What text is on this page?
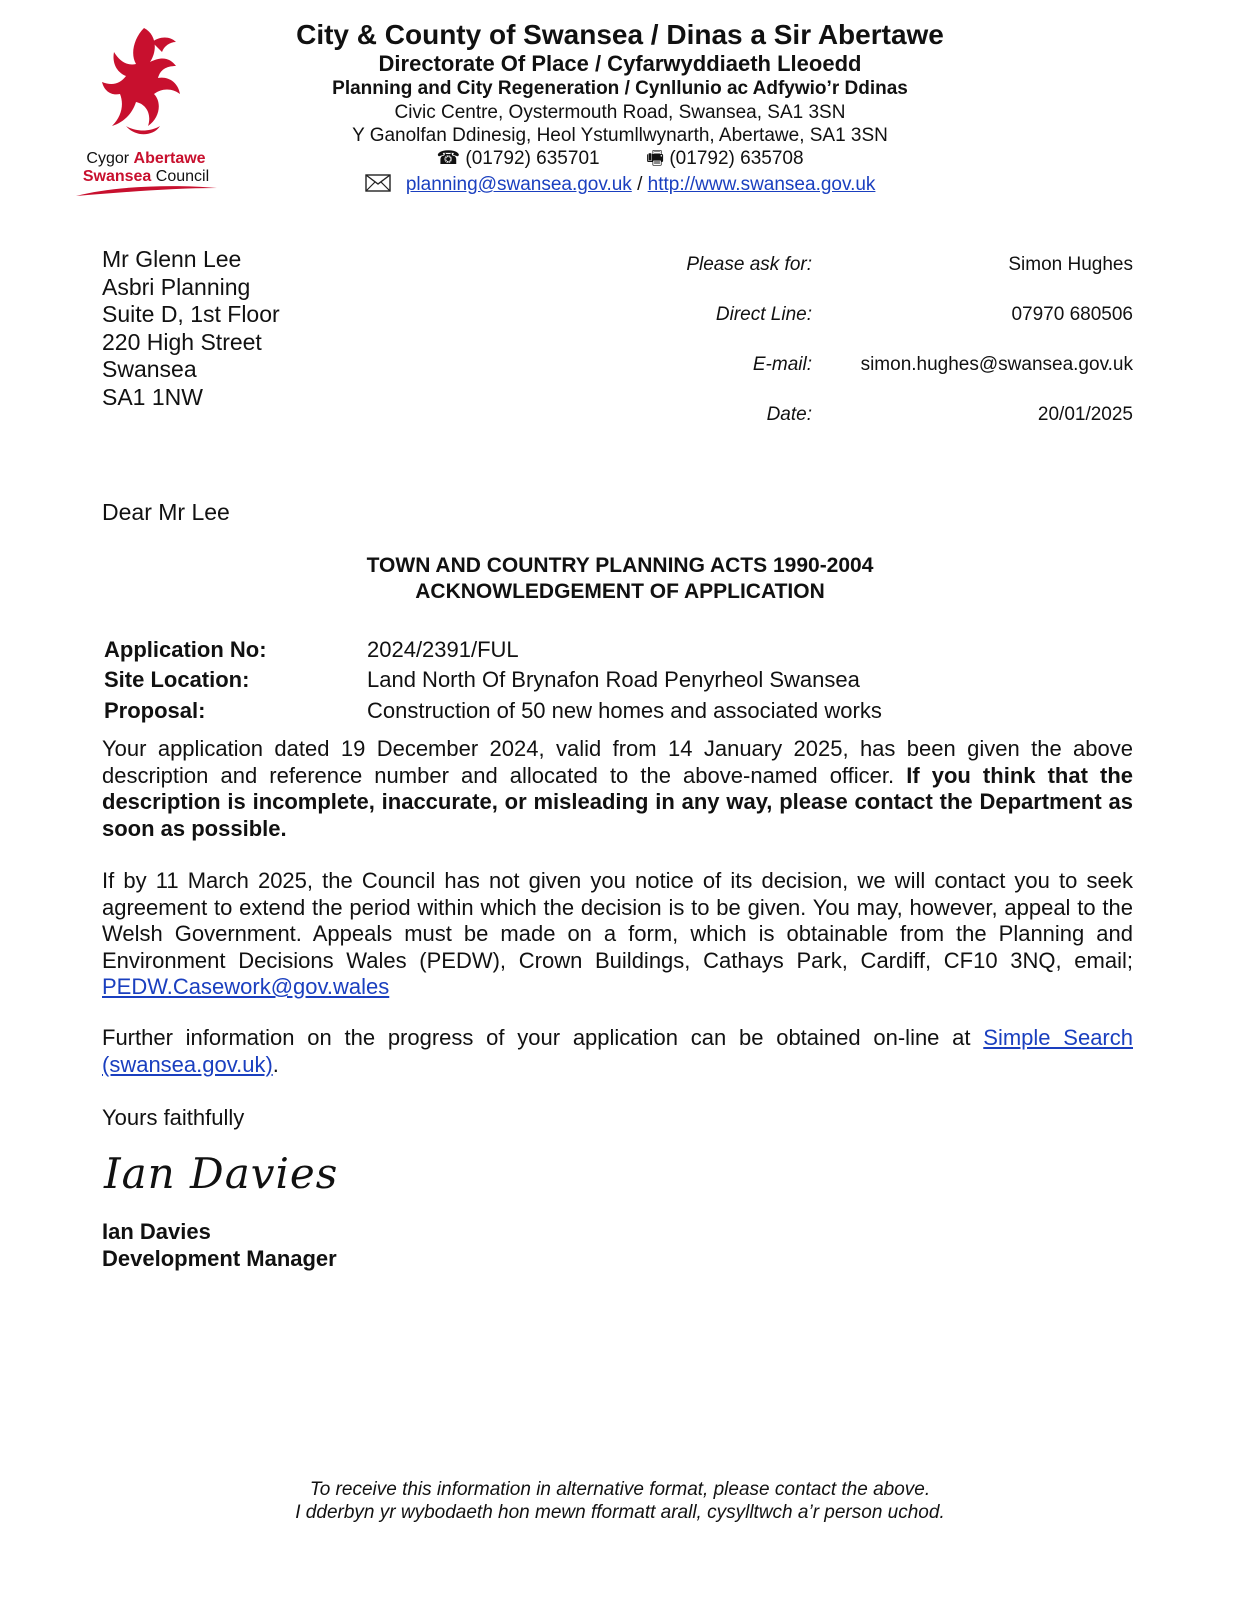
Cygor Abertawe
Swansea Council
City & County of Swansea / Dinas a Sir Abertawe
Directorate Of Place / Cyfarwyddiaeth Lleoedd
Planning and City Regeneration / Cynllunio ac Adfywio’r Ddinas
Civic Centre, Oystermouth Road, Swansea, SA1 3SN
Y Ganolfan Ddinesig, Heol Ystumllwynarth, Abertawe, SA1 3SN
☎ (01792) 635701 🖷 (01792) 635708
planning@swansea.gov.uk / http://www.swansea.gov.uk
Mr Glenn Lee
Asbri Planning
Suite D, 1st Floor
220 High Street
Swansea
SA1 1NW
Please ask for:	Simon Hughes
Direct Line:	07970 680506
E-mail:	simon.hughes@swansea.gov.uk
Date:	20/01/2025
Dear Mr Lee
TOWN AND COUNTRY PLANNING ACTS 1990-2004
ACKNOWLEDGEMENT OF APPLICATION
Application No:	2024/2391/FUL
Site Location:	Land North Of Brynafon Road Penyrheol Swansea
Proposal:	Construction of 50 new homes and associated works
Your application dated 19 December 2024, valid from 14 January 2025, has been given the above description and reference number and allocated to the above-named officer. If you think that the description is incomplete, inaccurate, or misleading in any way, please contact the Department as soon as possible.
If by 11 March 2025, the Council has not given you notice of its decision, we will contact you to seek agreement to extend the period within which the decision is to be given. You may, however, appeal to the Welsh Government. Appeals must be made on a form, which is obtainable from the Planning and Environment Decisions Wales (PEDW), Crown Buildings, Cathays Park, Cardiff, CF10 3NQ, email; PEDW.Casework@gov.wales
Further information on the progress of your application can be obtained on-line at Simple Search (swansea.gov.uk).
Yours faithfully
Ian Davies
Ian Davies
Development Manager
To receive this information in alternative format, please contact the above.
I dderbyn yr wybodaeth hon mewn fformatt arall, cysylltwch a’r person uchod.
